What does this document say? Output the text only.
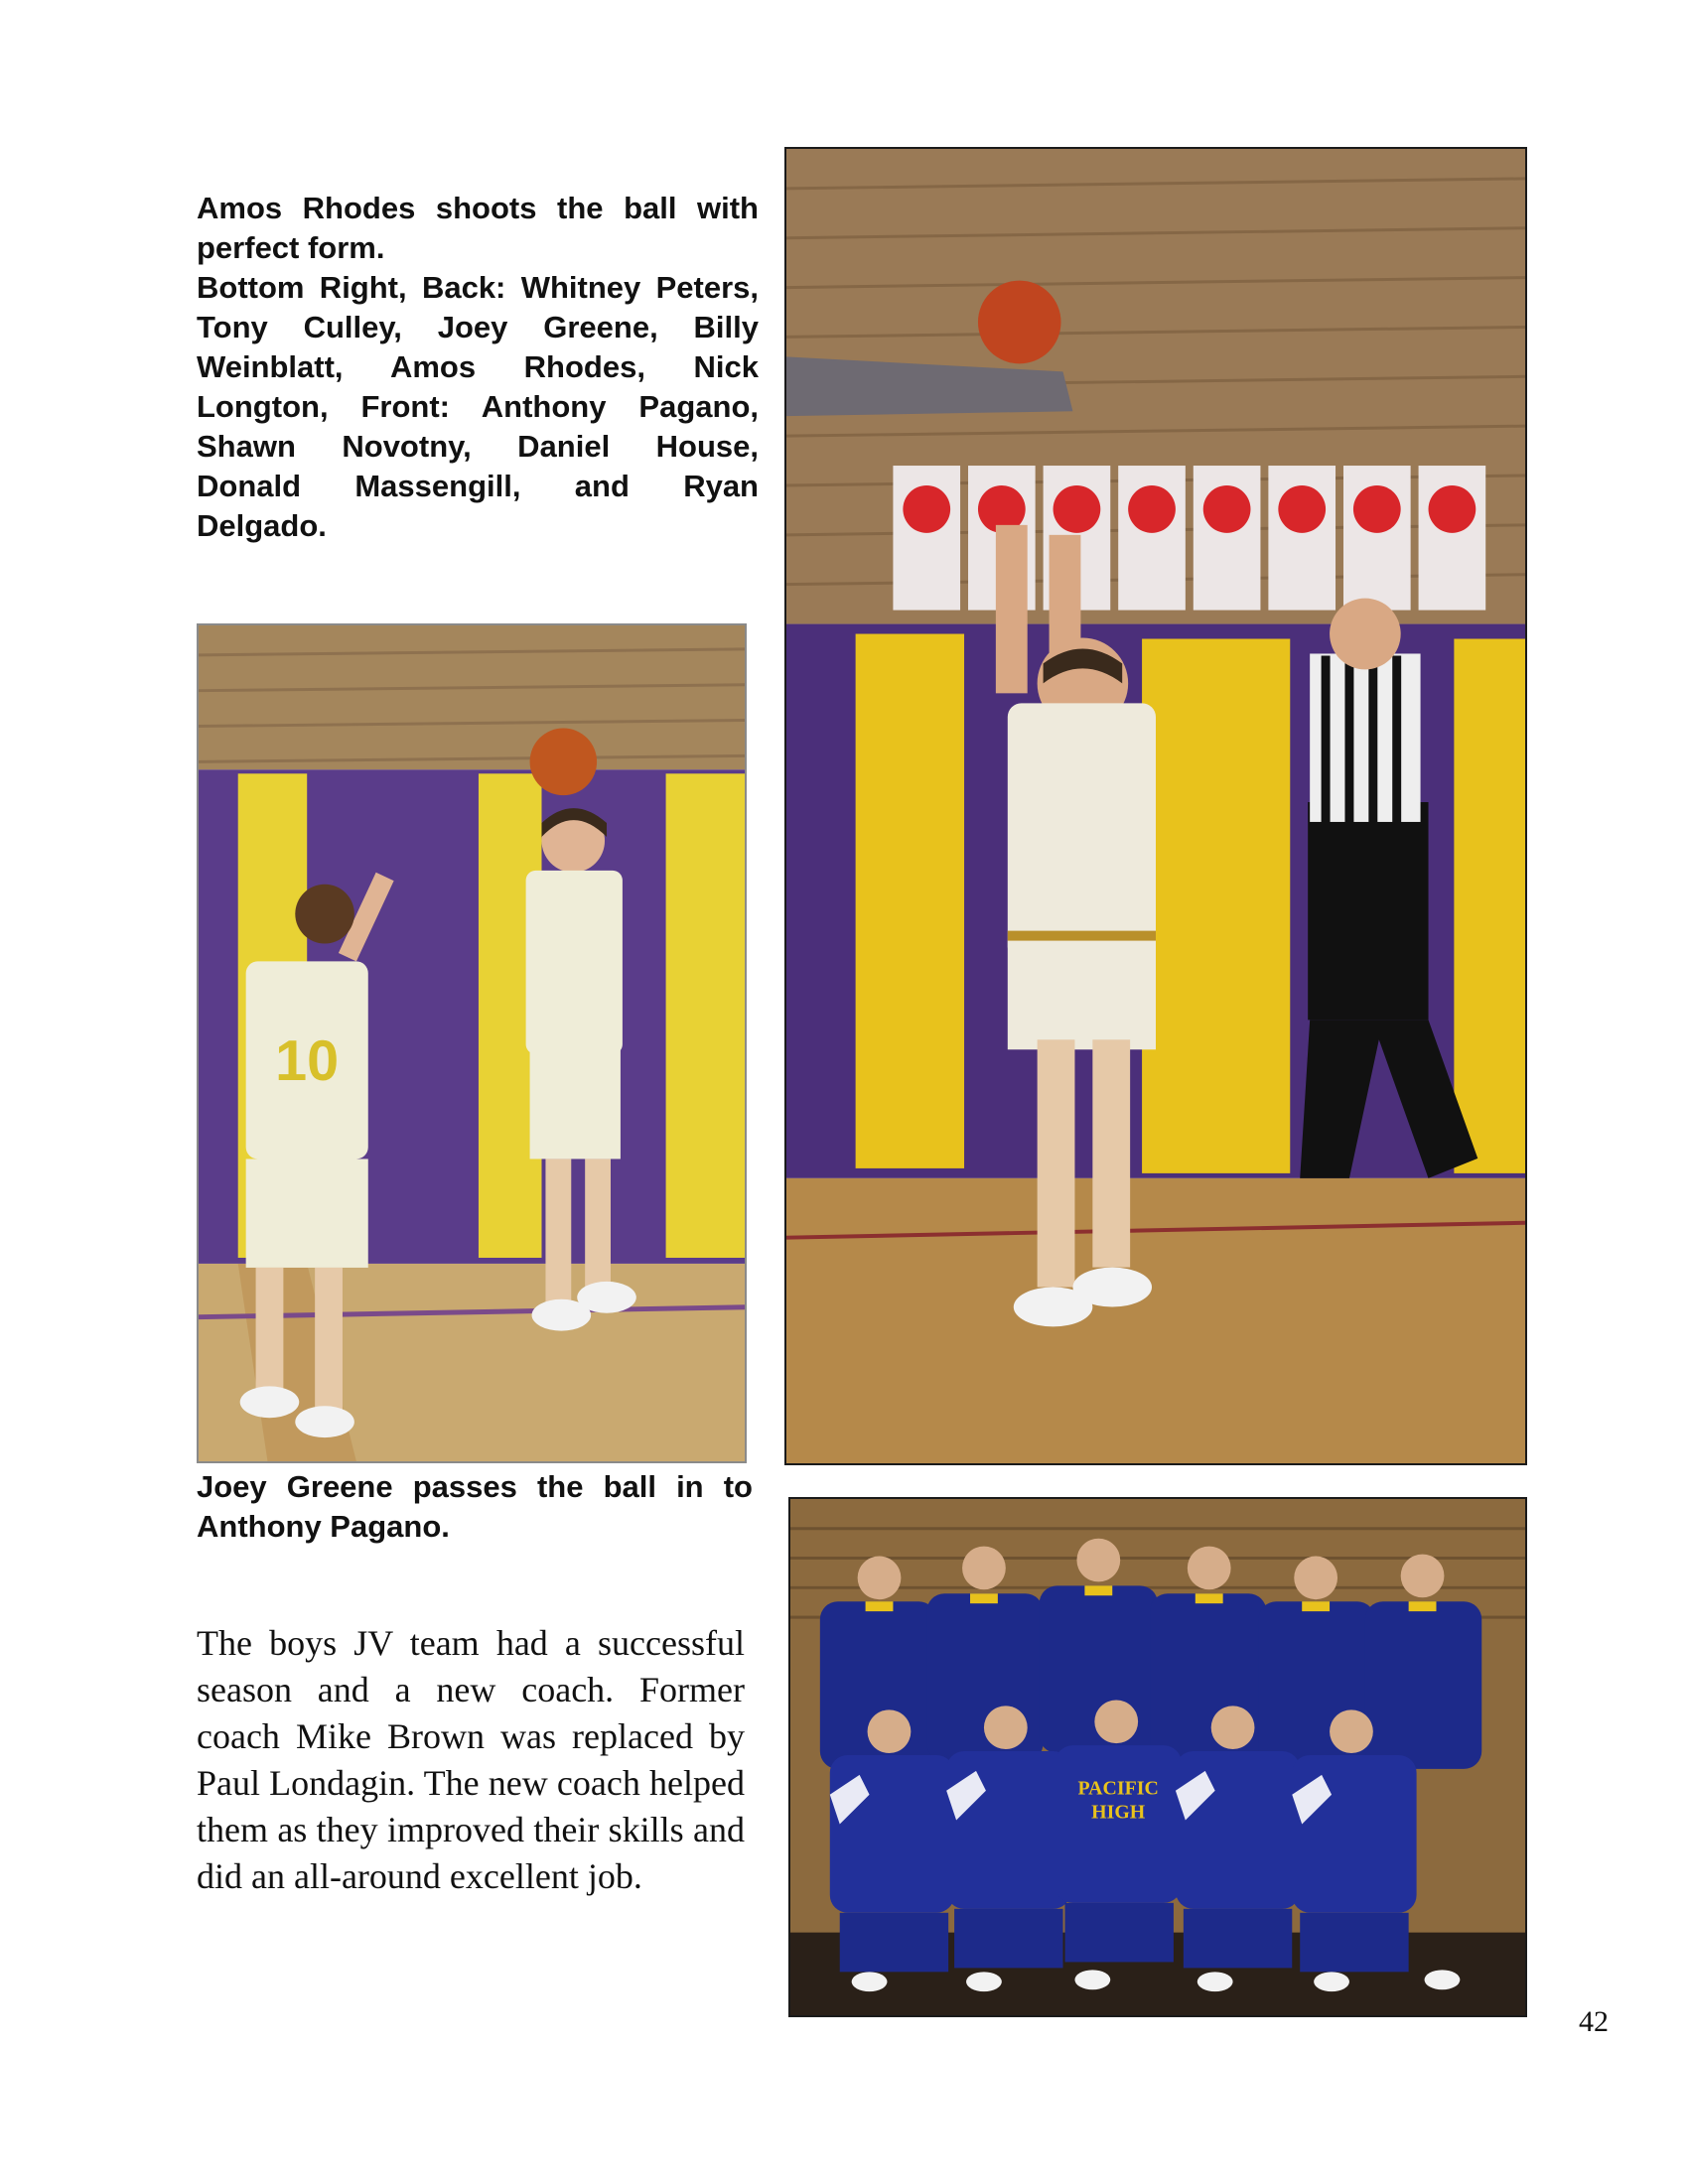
Amos Rhodes shoots the ball with perfect form.

Bottom Right, Back: Whitney Peters, Tony Culley, Joey Greene, Billy Weinblatt, Amos Rhodes, Nick Longton, Front: Anthony Pagano, Shawn Novotny, Daniel House, Donald Massengill, and Ryan Delgado.

Joey Greene passes the ball in to Anthony Pagano.

The boys JV team had a successful season and a new coach. Former coach Mike Brown was replaced by Paul Londagin. The new coach helped them as they improved their skills and did an all-around excellent job.

42
10
PACIFIC
HIGH
